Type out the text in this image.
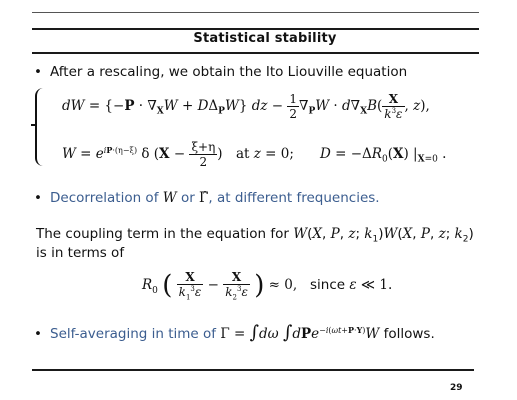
Statistical stability
• After a rescaling, we obtain the Ito Liouville equation
dW = $\{-P \cdot \nabla_XW + D\Delta_PW\}$ dz − $\frac{1}{2} \nabla_PW \cdot d\nabla_XB( \frac{X}{k^3\varepsilon}$ , z),
$W = e^{iP\cdot(\eta-\xi)}$ δ ($X - \frac{\xi+\eta}{2}$ ) at z = 0; $D = -\Delta R_0(X)$ $|_{X=0}$ .
• Decorrelation of W or Γ̂, at different frequencies.
The coupling term in the equation for W(X, P, z; $k_1)W(X$, P, z; $k_2$)
is in terms of
$R_0$ ( $\frac{X}{k_1^3\varepsilon} - \frac{X}{k_2^3\varepsilon}$ ) ≈ 0,   since ε ≪ 1.
• Self-averaging in time of Γ = ∫dω ∫dPe$^{-i(\omega t+P\cdot Y)}$W follows.
29
